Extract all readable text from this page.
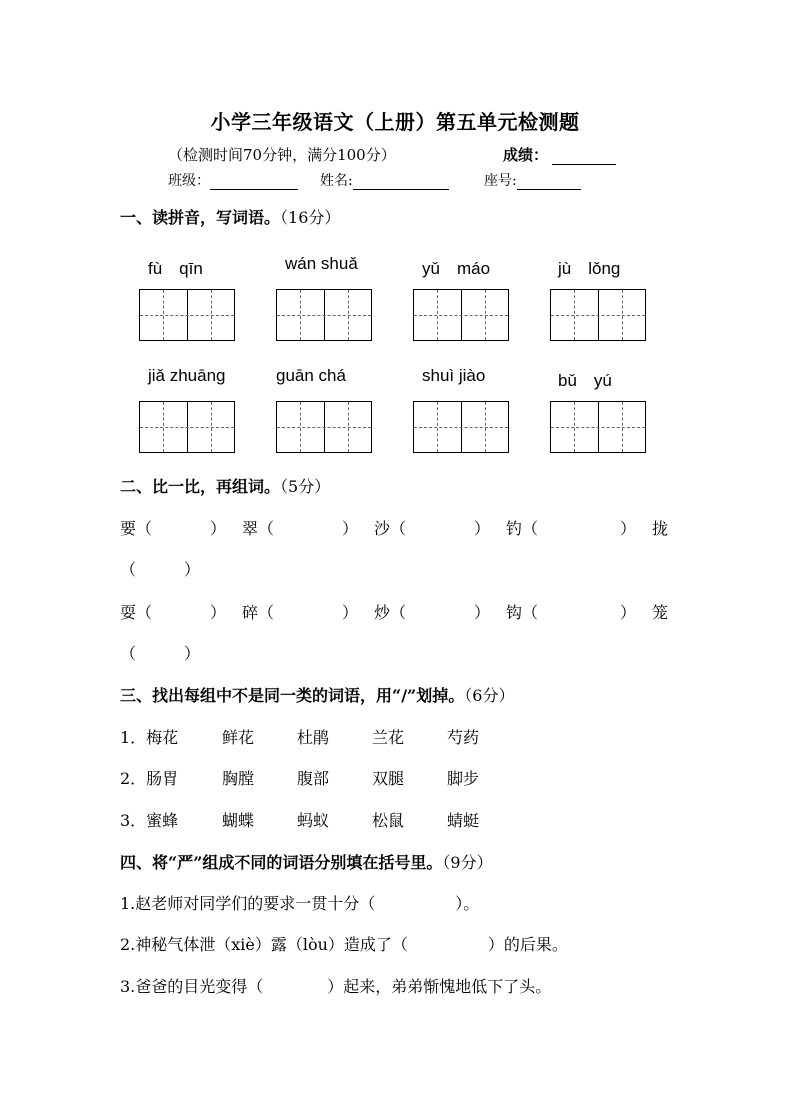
小学三年级语文（上册）第五单元检测题
（检测时间70分钟，满分100分）	成绩：
班级：	姓名:	座号:
一、读拼音，写词语。（16分）
fù　qīn	wán shuǎ	yǔ　máo	jù　lǒng
jiǎ zhuāng	guān chá	shuì jiào	bǔ　yú
二、比一比，再组词。（5分）
要（	） 翠（	） 沙（	） 钓（	） 拢
（　　　）
耍（	） 碎（	） 炒（	） 钩（	） 笼
（　　　）
三、找出每组中不是同一类的词语，用“/”划掉。（6分）
1．梅花	鲜花	杜鹃	兰花	芍药
2．肠胃	胸膛	腹部	双腿	脚步
3．蜜蜂	蝴蝶	蚂蚁	松鼠	蜻蜓
四、将“严”组成不同的词语分别填在括号里。（9分）
1.赵老师对同学们的要求一贯十分（　　　　　）。
2.神秘气体泄（xiè）露（lòu）造成了（　　　　　）的后果。
3.爸爸的目光变得（　　　　）起来，弟弟惭愧地低下了头。
